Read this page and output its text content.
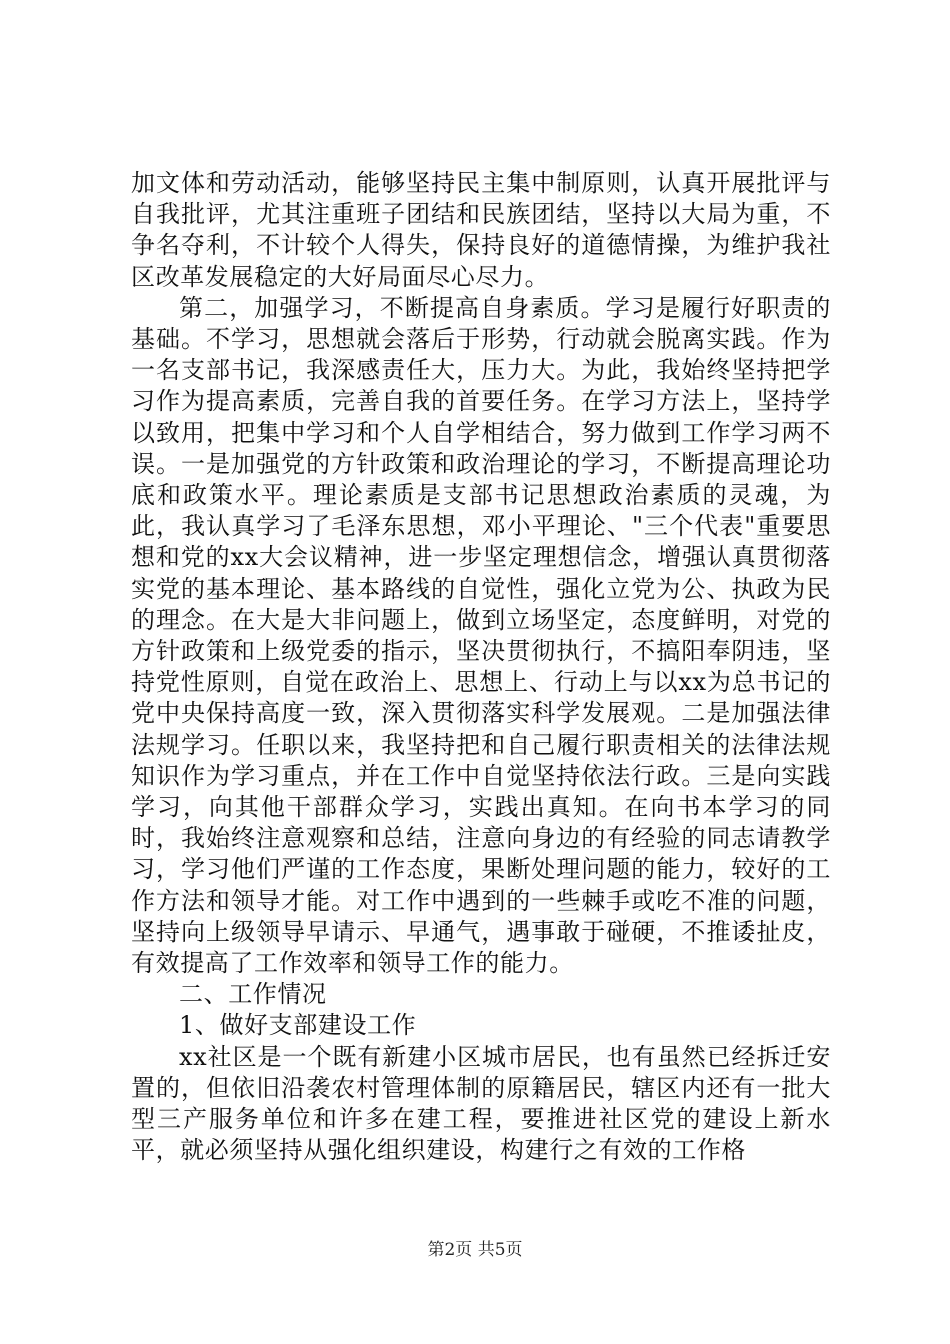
加文体和劳动活动，能够坚持民主集中制原则，认真开展批评与自我批评，尤其注重班子团结和民族团结，坚持以大局为重，不争名夺利，不计较个人得失，保持良好的道德情操，为维护我社区改革发展稳定的大好局面尽心尽力。

第二，加强学习，不断提高自身素质。学习是履行好职责的基础。不学习，思想就会落后于形势，行动就会脱离实践。作为一名支部书记，我深感责任大，压力大。为此，我始终坚持把学习作为提高素质，完善自我的首要任务。在学习方法上，坚持学以致用，把集中学习和个人自学相结合，努力做到工作学习两不误。一是加强党的方针政策和政治理论的学习，不断提高理论功底和政策水平。理论素质是支部书记思想政治素质的灵魂，为此，我认真学习了毛泽东思想，邓小平理论、"三个代表"重要思想和党的xx大会议精神，进一步坚定理想信念，增强认真贯彻落实党的基本理论、基本路线的自觉性，强化立党为公、执政为民的理念。在大是大非问题上，做到立场坚定，态度鲜明，对党的方针政策和上级党委的指示，坚决贯彻执行，不搞阳奉阴违，坚持党性原则，自觉在政治上、思想上、行动上与以xx为总书记的党中央保持高度一致，深入贯彻落实科学发展观。二是加强法律法规学习。任职以来，我坚持把和自己履行职责相关的法律法规知识作为学习重点，并在工作中自觉坚持依法行政。三是向实践学习，向其他干部群众学习，实践出真知。在向书本学习的同时，我始终注意观察和总结，注意向身边的有经验的同志请教学习，学习他们严谨的工作态度，果断处理问题的能力，较好的工作方法和领导才能。对工作中遇到的一些棘手或吃不准的问题，坚持向上级领导早请示、早通气，遇事敢于碰硬，不推诿扯皮，有效提高了工作效率和领导工作的能力。

二、工作情况

1、做好支部建设工作

xx社区是一个既有新建小区城市居民，也有虽然已经拆迁安置的，但依旧沿袭农村管理体制的原籍居民，辖区内还有一批大型三产服务单位和许多在建工程，要推进社区党的建设上新水平，就必须坚持从强化组织建设，构建行之有效的工作格

第2页 共5页
